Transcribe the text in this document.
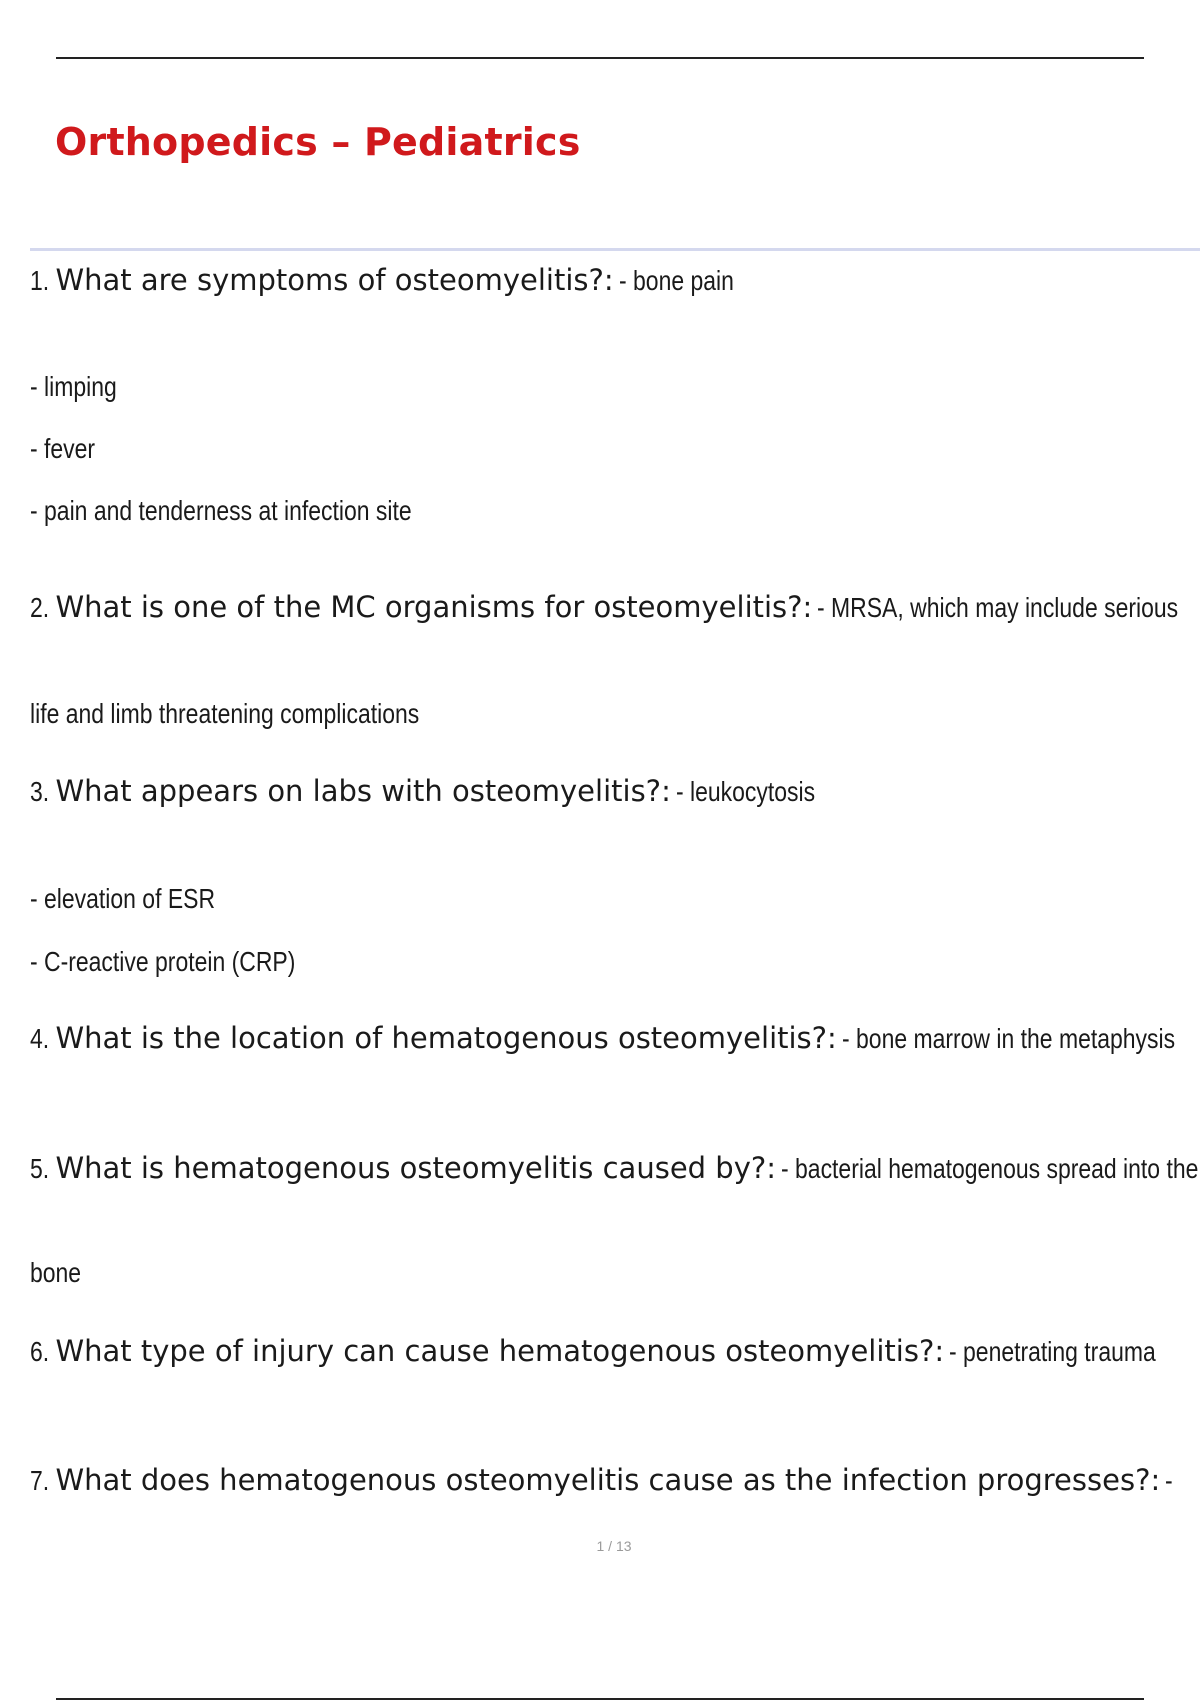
Orthopedics – Pediatrics
1. What are symptoms of osteomyelitis?: - bone pain
- limping
- fever
- pain and tenderness at infection site
2. What is one of the MC organisms for osteomyelitis?: - MRSA, which may include serious
life and limb threatening complications
3. What appears on labs with osteomyelitis?: - leukocytosis
- elevation of ESR
- C-reactive protein (CRP)
4. What is the location of hematogenous osteomyelitis?: - bone marrow in the metaphysis
5. What is hematogenous osteomyelitis caused by?: - bacterial hematogenous spread into the
bone
6. What type of injury can cause hematogenous osteomyelitis?: - penetrating trauma
7. What does hematogenous osteomyelitis cause as the infection progresses?: -
1 / 13
